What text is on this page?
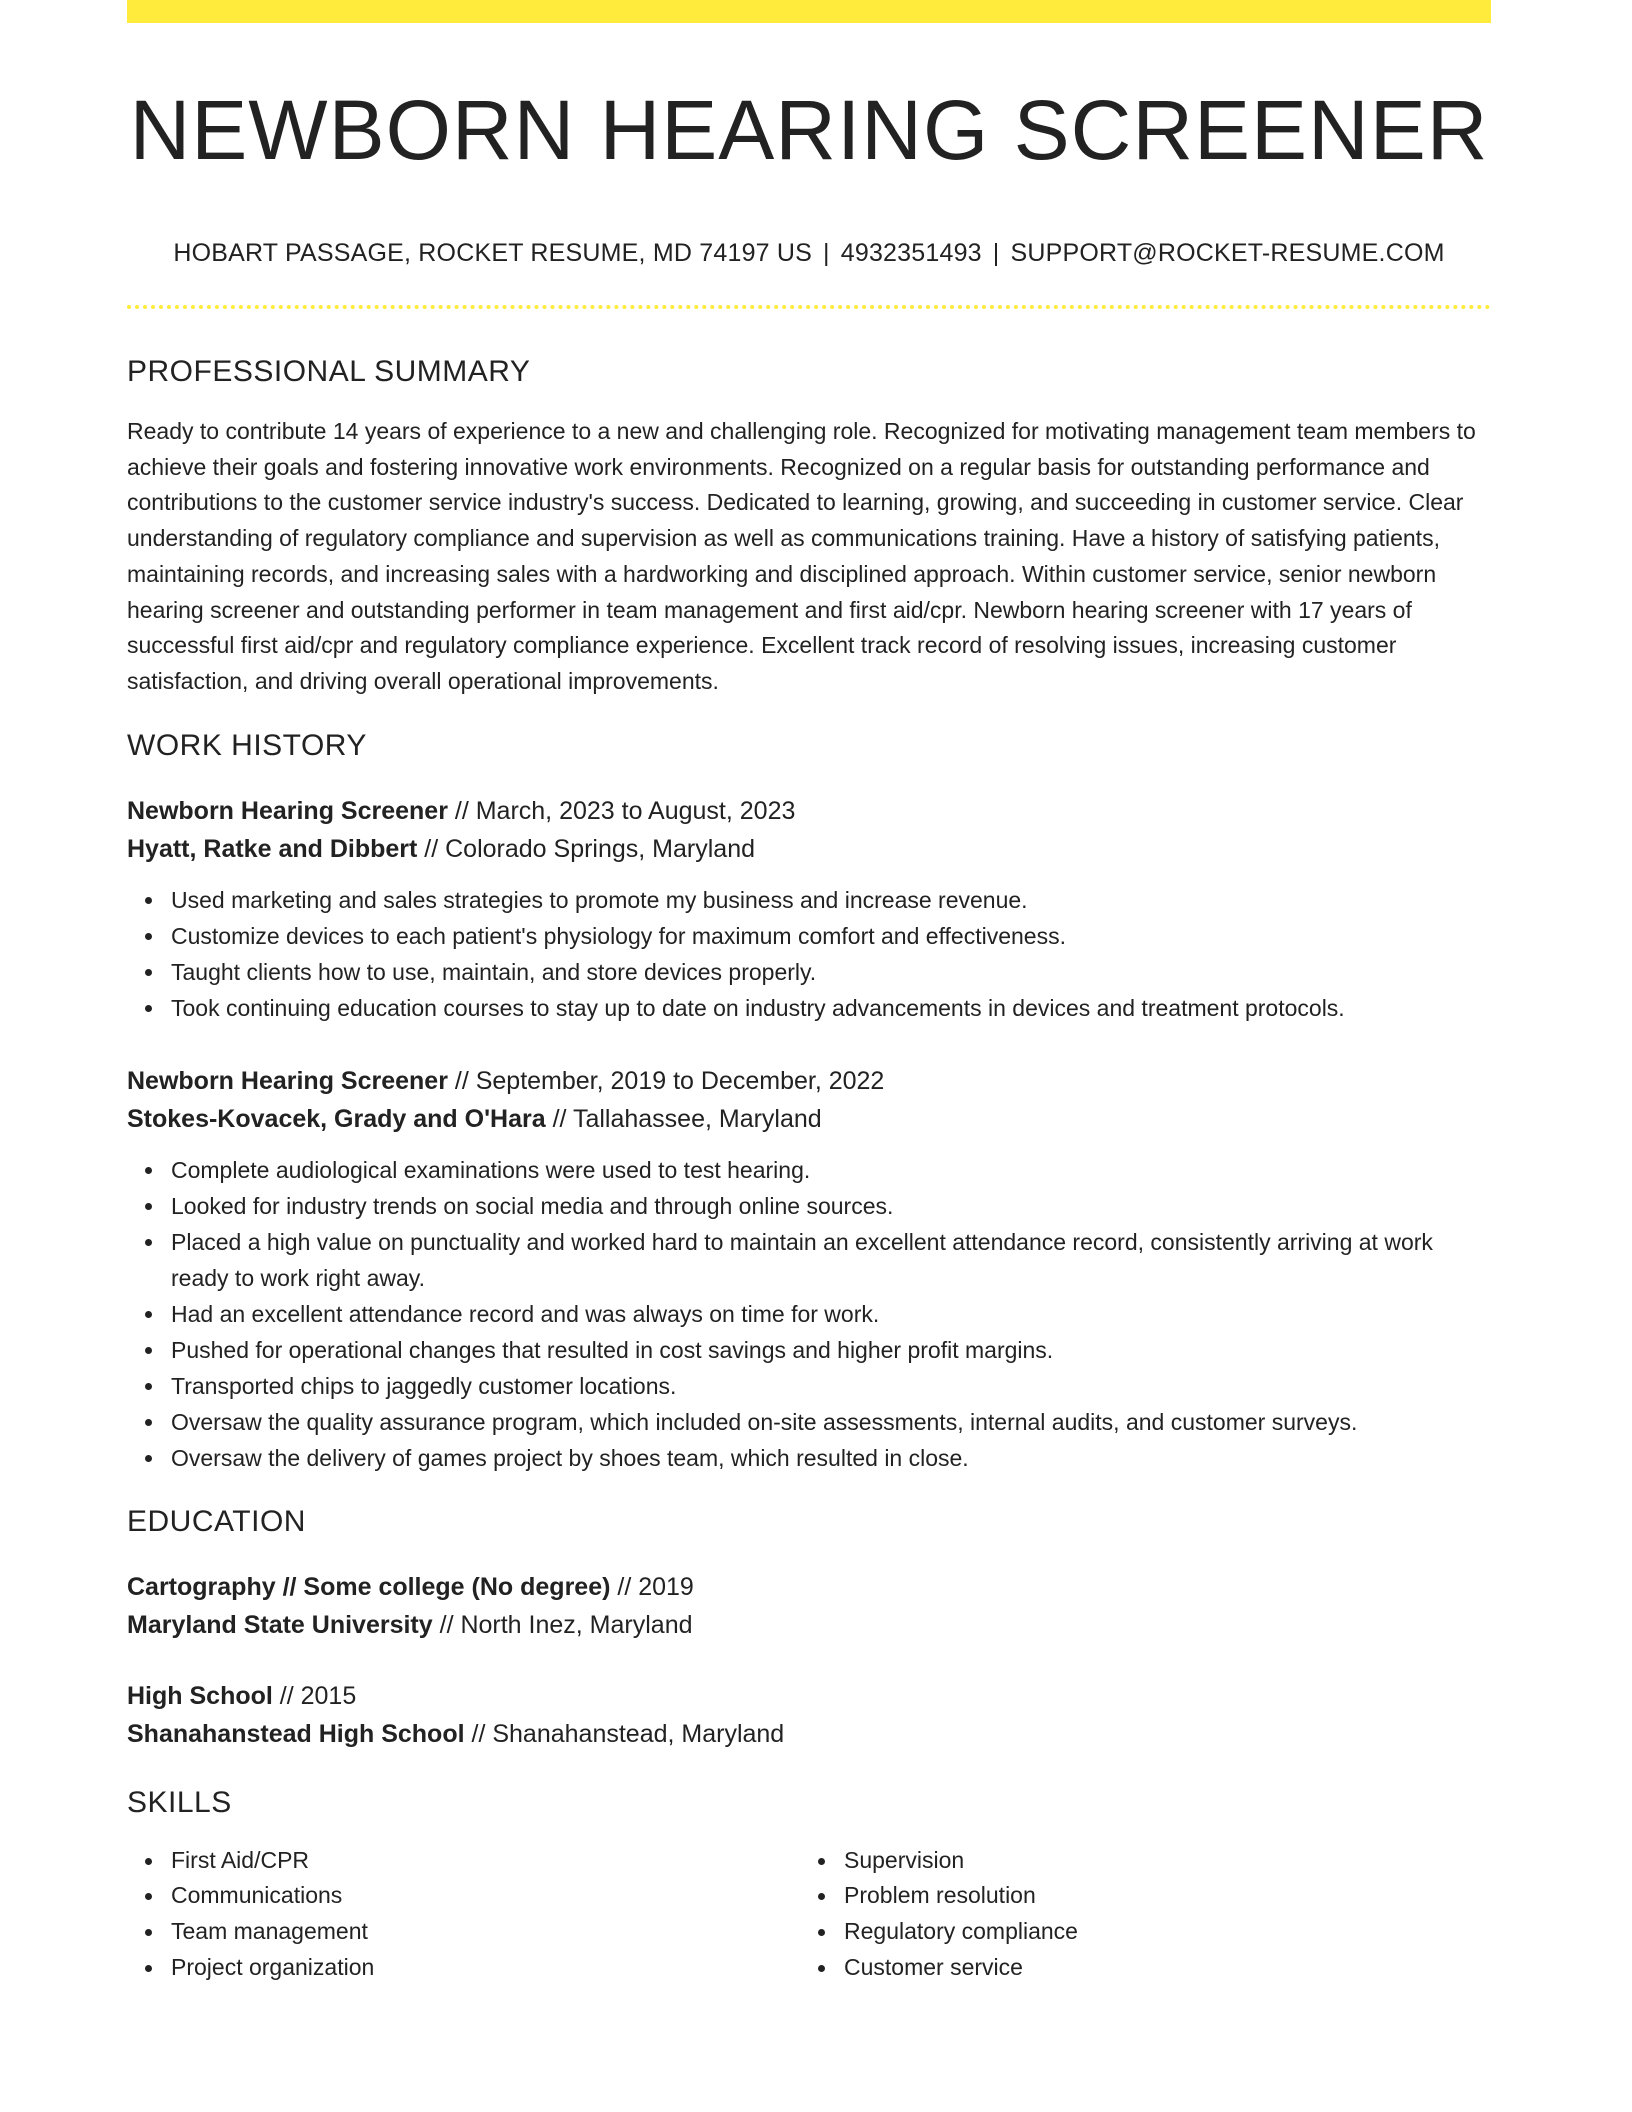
NEWBORN HEARING SCREENER
HOBART PASSAGE, ROCKET RESUME, MD 74197 US | 4932351493 | SUPPORT@ROCKET-RESUME.COM
PROFESSIONAL SUMMARY
Ready to contribute 14 years of experience to a new and challenging role. Recognized for motivating management team members to achieve their goals and fostering innovative work environments. Recognized on a regular basis for outstanding performance and contributions to the customer service industry's success. Dedicated to learning, growing, and succeeding in customer service. Clear understanding of regulatory compliance and supervision as well as communications training. Have a history of satisfying patients, maintaining records, and increasing sales with a hardworking and disciplined approach. Within customer service, senior newborn hearing screener and outstanding performer in team management and first aid/cpr. Newborn hearing screener with 17 years of successful first aid/cpr and regulatory compliance experience. Excellent track record of resolving issues, increasing customer satisfaction, and driving overall operational improvements.
WORK HISTORY
Newborn Hearing Screener // March, 2023 to August, 2023
Hyatt, Ratke and Dibbert // Colorado Springs, Maryland
Used marketing and sales strategies to promote my business and increase revenue.
Customize devices to each patient's physiology for maximum comfort and effectiveness.
Taught clients how to use, maintain, and store devices properly.
Took continuing education courses to stay up to date on industry advancements in devices and treatment protocols.
Newborn Hearing Screener // September, 2019 to December, 2022
Stokes-Kovacek, Grady and O'Hara // Tallahassee, Maryland
Complete audiological examinations were used to test hearing.
Looked for industry trends on social media and through online sources.
Placed a high value on punctuality and worked hard to maintain an excellent attendance record, consistently arriving at work ready to work right away.
Had an excellent attendance record and was always on time for work.
Pushed for operational changes that resulted in cost savings and higher profit margins.
Transported chips to jaggedly customer locations.
Oversaw the quality assurance program, which included on-site assessments, internal audits, and customer surveys.
Oversaw the delivery of games project by shoes team, which resulted in close.
EDUCATION
Cartography // Some college (No degree) // 2019
Maryland State University // North Inez, Maryland
High School // 2015
Shanahanstead High School // Shanahanstead, Maryland
SKILLS
First Aid/CPR
Communications
Team management
Project organization
Supervision
Problem resolution
Regulatory compliance
Customer service
